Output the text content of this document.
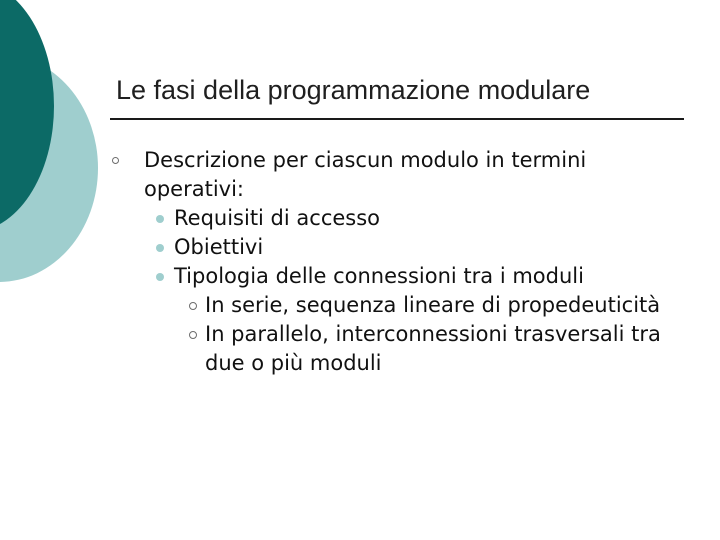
Le fasi della programmazione modulare
Descrizione per ciascun modulo in termini operativi:
Requisiti di accesso
Obiettivi
Tipologia delle connessioni tra i moduli
In serie, sequenza lineare di propedeuticità
In parallelo, interconnessioni trasversali tra due o più moduli
